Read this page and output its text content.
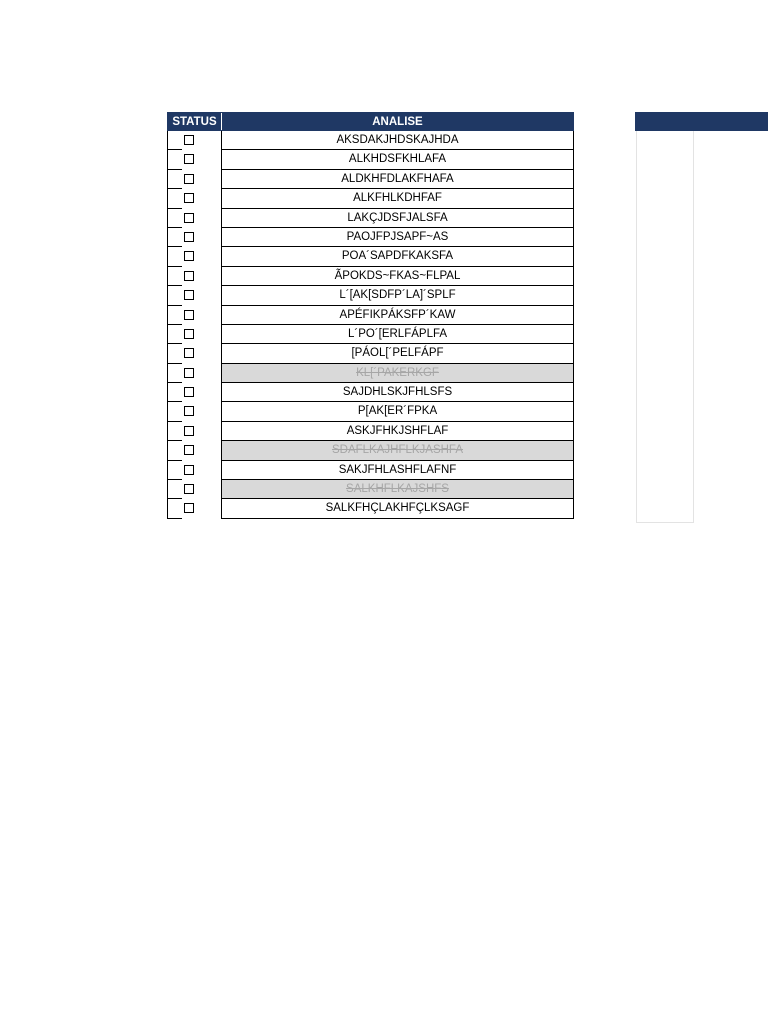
STATUS	ANALISE
AKSDAKJHDSKAJHDA
ALKHDSFKHLAFA
ALDKHFDLAKFHAFA
ALKFHLKDHFAF
LAKÇJDSFJALSFA
PAOJFPJSAPF~AS
POA´SAPDFKAKSFA
ÃPOKDS~FKAS~FLPAL
L´[AK[SDFP´LA]´SPLF
APÉFIKPÁKSFP´KAW
L´PO´[ERLFÁPLFA
[PÁOL[´PELFÁPF
KL[´PAKERKGF
SAJDHLSKJFHLSFS
P[AK[ER´FPKA
ASKJFHKJSHFLAF
SDAFLKAJHFLKJASHFA
SAKJFHLASHFLAFNF
SALKHFLKAJSHFS
SALKFHÇLAKHFÇLKSAGF
